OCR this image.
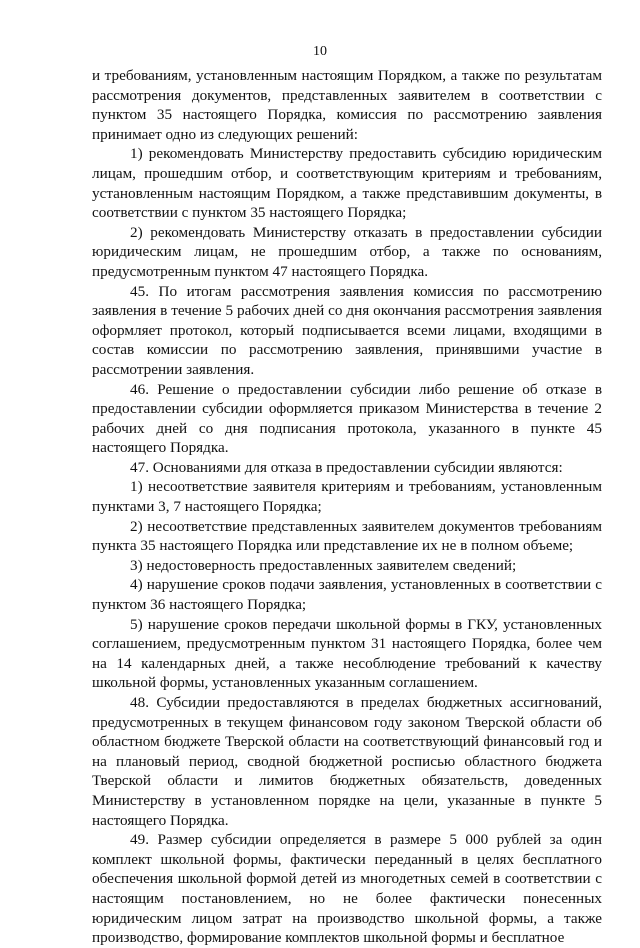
10

и требованиям, установленным настоящим Порядком, а также по результатам рассмотрения документов, представленных заявителем в соответствии с пунктом 35 настоящего Порядка, комиссия по рассмотрению заявления принимает одно из следующих решений:

1) рекомендовать Министерству предоставить субсидию юридическим лицам, прошедшим отбор, и соответствующим критериям и требованиям, установленным настоящим Порядком, а также представившим документы, в соответствии с пунктом 35 настоящего Порядка;

2) рекомендовать Министерству отказать в предоставлении субсидии юридическим лицам, не прошедшим отбор, а также по основаниям, предусмотренным пунктом 47 настоящего Порядка.

45. По итогам рассмотрения заявления комиссия по рассмотрению заявления в течение 5 рабочих дней со дня окончания рассмотрения заявления оформляет протокол, который подписывается всеми лицами, входящими в состав комиссии по рассмотрению заявления, принявшими участие в рассмотрении заявления.

46. Решение о предоставлении субсидии либо решение об отказе в предоставлении субсидии оформляется приказом Министерства в течение 2 рабочих дней со дня подписания протокола, указанного в пункте 45 настоящего Порядка.

47. Основаниями для отказа в предоставлении субсидии являются:

1) несоответствие заявителя критериям и требованиям, установленным пунктами 3, 7 настоящего Порядка;

2) несоответствие представленных заявителем документов требованиям пункта 35 настоящего Порядка или представление их не в полном объеме;

3) недостоверность предоставленных заявителем сведений;

4) нарушение сроков подачи заявления, установленных в соответствии с пунктом 36 настоящего Порядка;

5) нарушение сроков передачи школьной формы в ГКУ, установленных соглашением, предусмотренным пунктом 31 настоящего Порядка, более чем на 14 календарных дней, а также несоблюдение требований к качеству школьной формы, установленных указанным соглашением.

48. Субсидии предоставляются в пределах бюджетных ассигнований, предусмотренных в текущем финансовом году законом Тверской области об областном бюджете Тверской области на соответствующий финансовый год и на плановый период, сводной бюджетной росписью областного бюджета Тверской области и лимитов бюджетных обязательств, доведенных Министерству в установленном порядке на цели, указанные в пункте 5 настоящего Порядка.

49. Размер субсидии определяется в размере 5 000 рублей за один комплект школьной формы, фактически переданный в целях бесплатного обеспечения школьной формой детей из многодетных семей в соответствии с настоящим постановлением, но не более фактически понесенных юридическим лицом затрат на производство школьной формы, а также производство, формирование комплектов школьной формы и бесплатное
